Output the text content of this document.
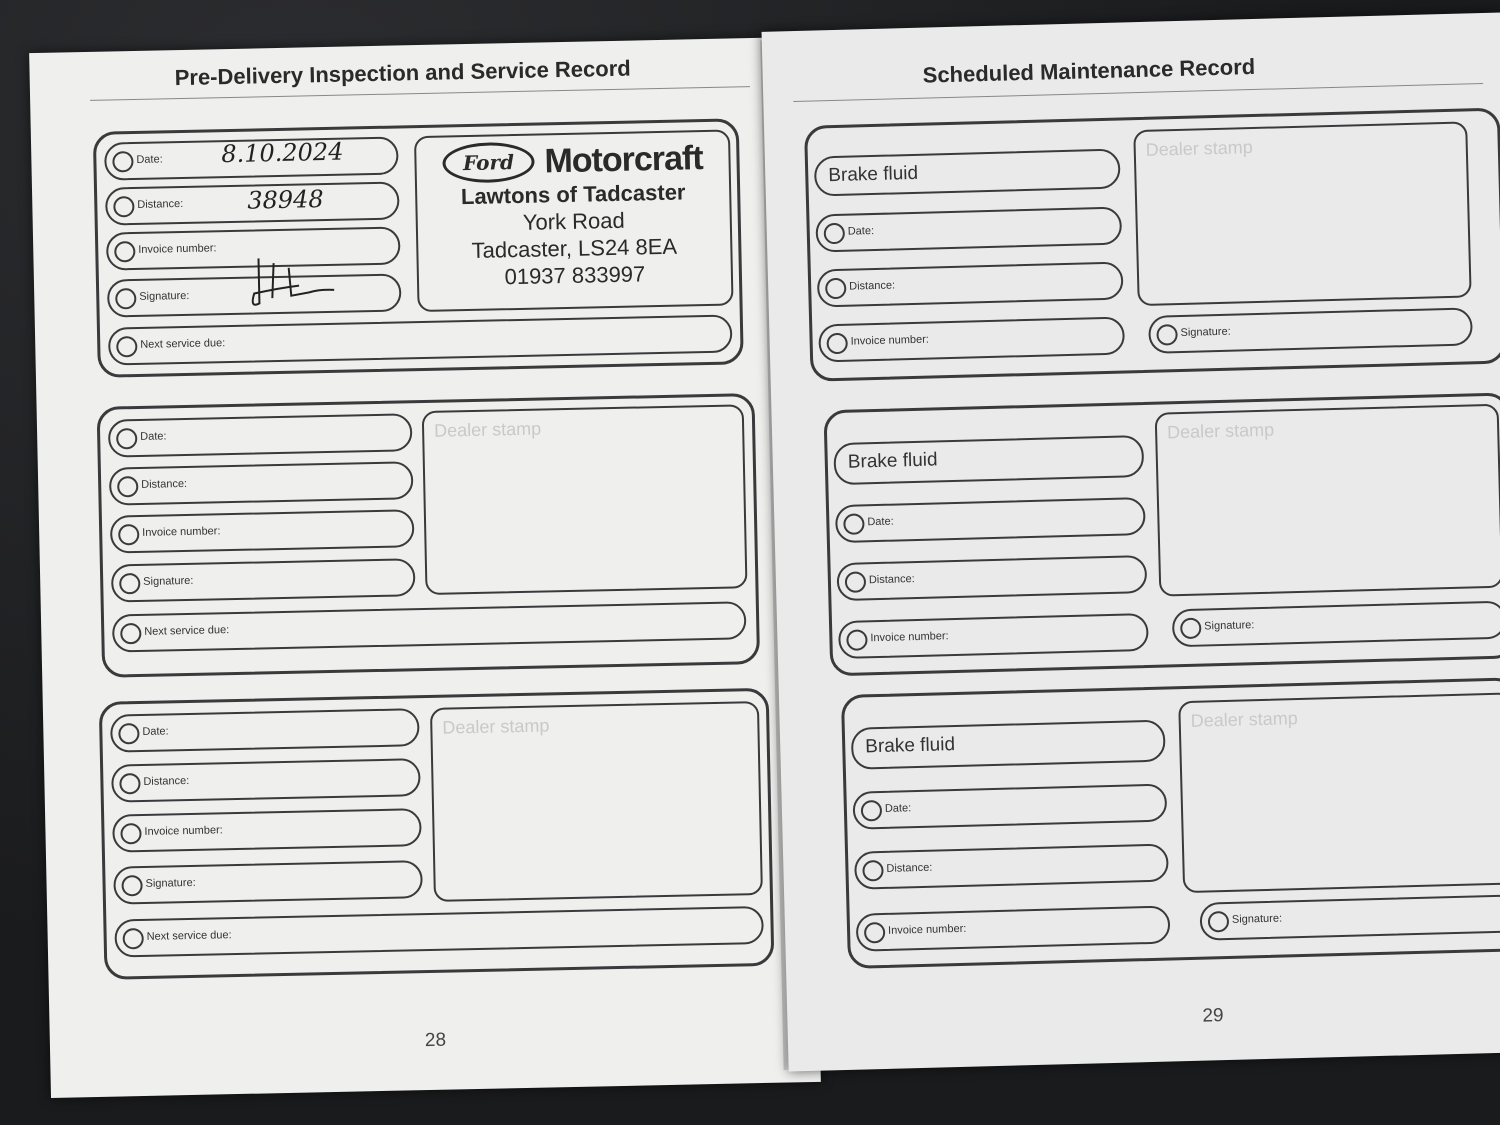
Pre-Delivery Inspection and Service Record
Date: 8.10.2024
Distance:	38948
Invoice number:
Signature:
Next service due:
Ford Motorcraft
Lawtons of Tadcaster
York Road
Tadcaster, LS24 8EA
01937 833997
Date:
Distance:
Invoice number:
Signature:
Next service due:
Dealer stamp
Date:
Distance:
Invoice number:
Signature:
Next service due:
Dealer stamp
28
Scheduled Maintenance Record
Brake fluid
Date:
Distance:
Invoice number:
Dealer stamp
Signature:
Brake fluid
Date:
Distance:
Invoice number:
Dealer stamp
Signature:
Brake fluid
Date:
Distance:
Invoice number:
Dealer stamp
Signature:
29
